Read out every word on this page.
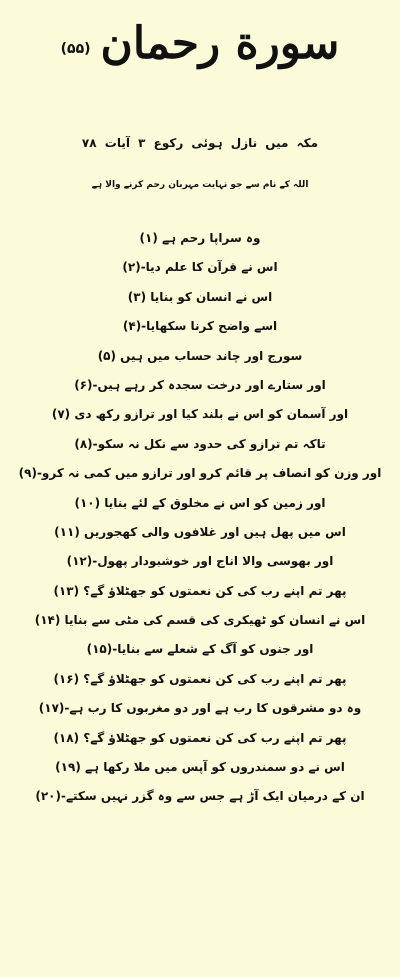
سورة رحمان
(۵۵)
مکہ میں نازل ہوئی رکوع ۳ آیات ۷۸
اللہ کے نام سے جو نہایت مہربان رحم کرنے والا ہے
وہ سراپا رحم ہے (۱)
اس نے قرآن کا علم دیا-(۲)
اس نے انسان کو بنایا (۳)
اسے واضح کرنا سکھایا-(۴)
سورج اور چاند حساب میں ہیں (۵)
اور ستارے اور درخت سجدہ کر رہے ہیں-(۶)
اور آسمان کو اس نے بلند کیا اور ترازو رکھ دی (۷)
تاکہ تم ترازو کی حدود سے نکل نہ سکو-(۸)
اور وزن کو انصاف پر قائم کرو اور ترازو میں کمی نہ کرو-(۹)
اور زمین کو اس نے مخلوق کے لئے بنایا (۱۰)
اس میں پھل ہیں اور غلافوں والی کھجوریں (۱۱)
اور بھوسی والا اناج اور خوشبودار پھول-(۱۲)
پھر تم اپنے رب کی کن نعمتوں کو جھٹلاؤ گے؟ (۱۳)
اس نے انسان کو ٹھیکری کی قسم کی مٹی سے بنایا (۱۴)
اور جنوں کو آگ کے شعلے سے بنایا-(۱۵)
پھر تم اپنے رب کی کن نعمتوں کو جھٹلاؤ گے؟ (۱۶)
وہ دو مشرقوں کا رب ہے اور دو مغربوں کا رب ہے-(۱۷)
پھر تم اپنے رب کی کن نعمتوں کو جھٹلاؤ گے؟ (۱۸)
اس نے دو سمندروں کو آپس میں ملا رکھا ہے (۱۹)
ان کے درمیان ایک آڑ ہے جس سے وہ گزر نہیں سکتے-(۲۰)
